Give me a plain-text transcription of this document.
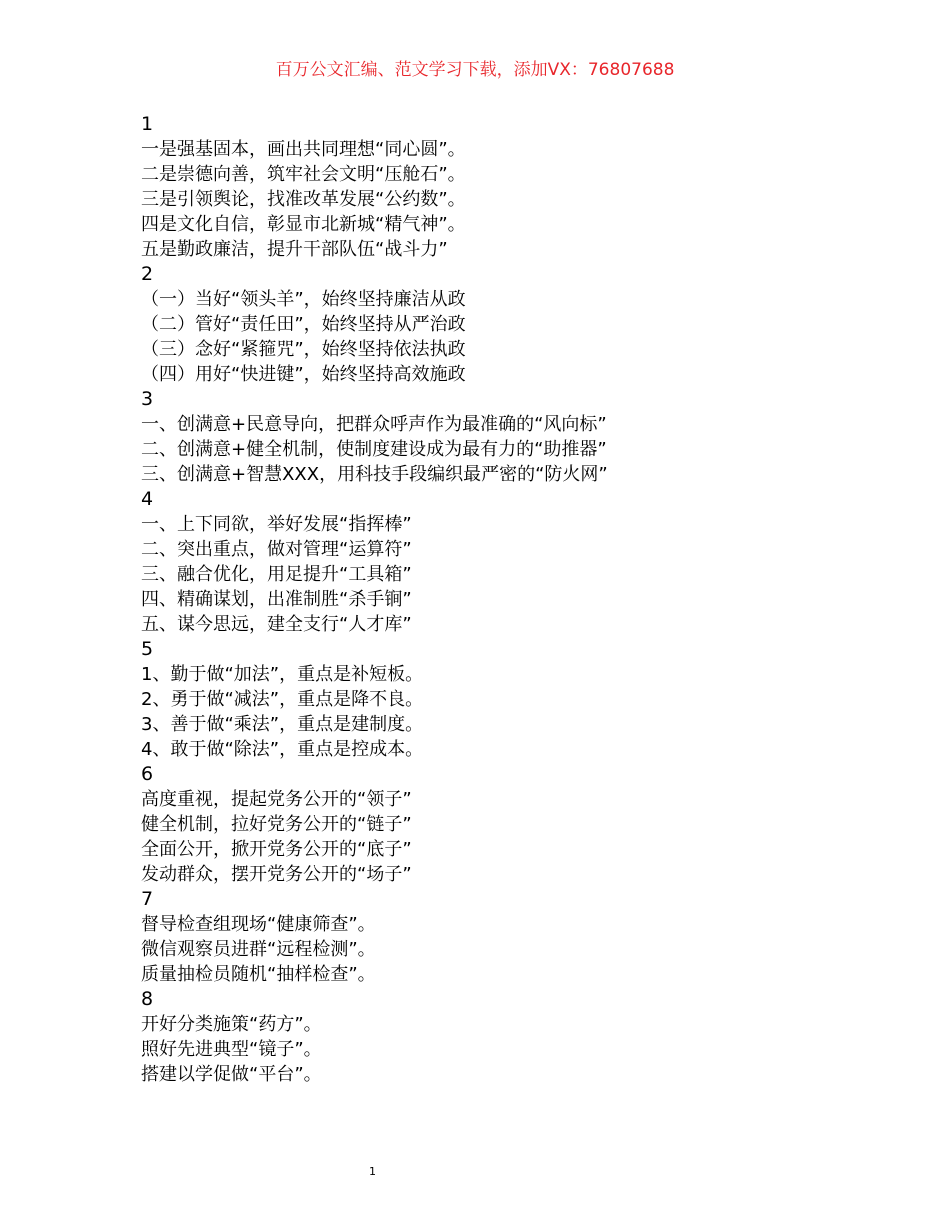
百万公文汇编、范文学习下载，添加VX：76807688

1

一是强基固本，画出共同理想“同心圆”。

二是崇德向善，筑牢社会文明“压舱石”。

三是引领舆论，找准改革发展“公约数”。

四是文化自信，彰显市北新城“精气神”。

五是勤政廉洁，提升干部队伍“战斗力”

2

（一）当好“领头羊”，始终坚持廉洁从政

（二）管好“责任田”，始终坚持从严治政

（三）念好“紧箍咒”，始终坚持依法执政

（四）用好“快进键”，始终坚持高效施政

3

一、创满意+民意导向，把群众呼声作为最准确的“风向标”

二、创满意+健全机制，使制度建设成为最有力的“助推器”

三、创满意+智慧XXX，用科技手段编织最严密的“防火网”

4

一、上下同欲，举好发展“指挥棒”

二、突出重点，做对管理“运算符”

三、融合优化，用足提升“工具箱”

四、精确谋划，出准制胜“杀手锏”

五、谋今思远，建全支行“人才库”

5

1、勤于做“加法”，重点是补短板。

2、勇于做“减法”，重点是降不良。

3、善于做“乘法”，重点是建制度。

4、敢于做“除法”，重点是控成本。

6

高度重视，提起党务公开的“领子”

健全机制，拉好党务公开的“链子”

全面公开，掀开党务公开的“底子”

发动群众，摆开党务公开的“场子”

7

督导检查组现场“健康筛查”。

微信观察员进群“远程检测”。

质量抽检员随机“抽样检查”。

8

开好分类施策“药方”。

照好先进典型“镜子”。

搭建以学促做“平台”。

1
